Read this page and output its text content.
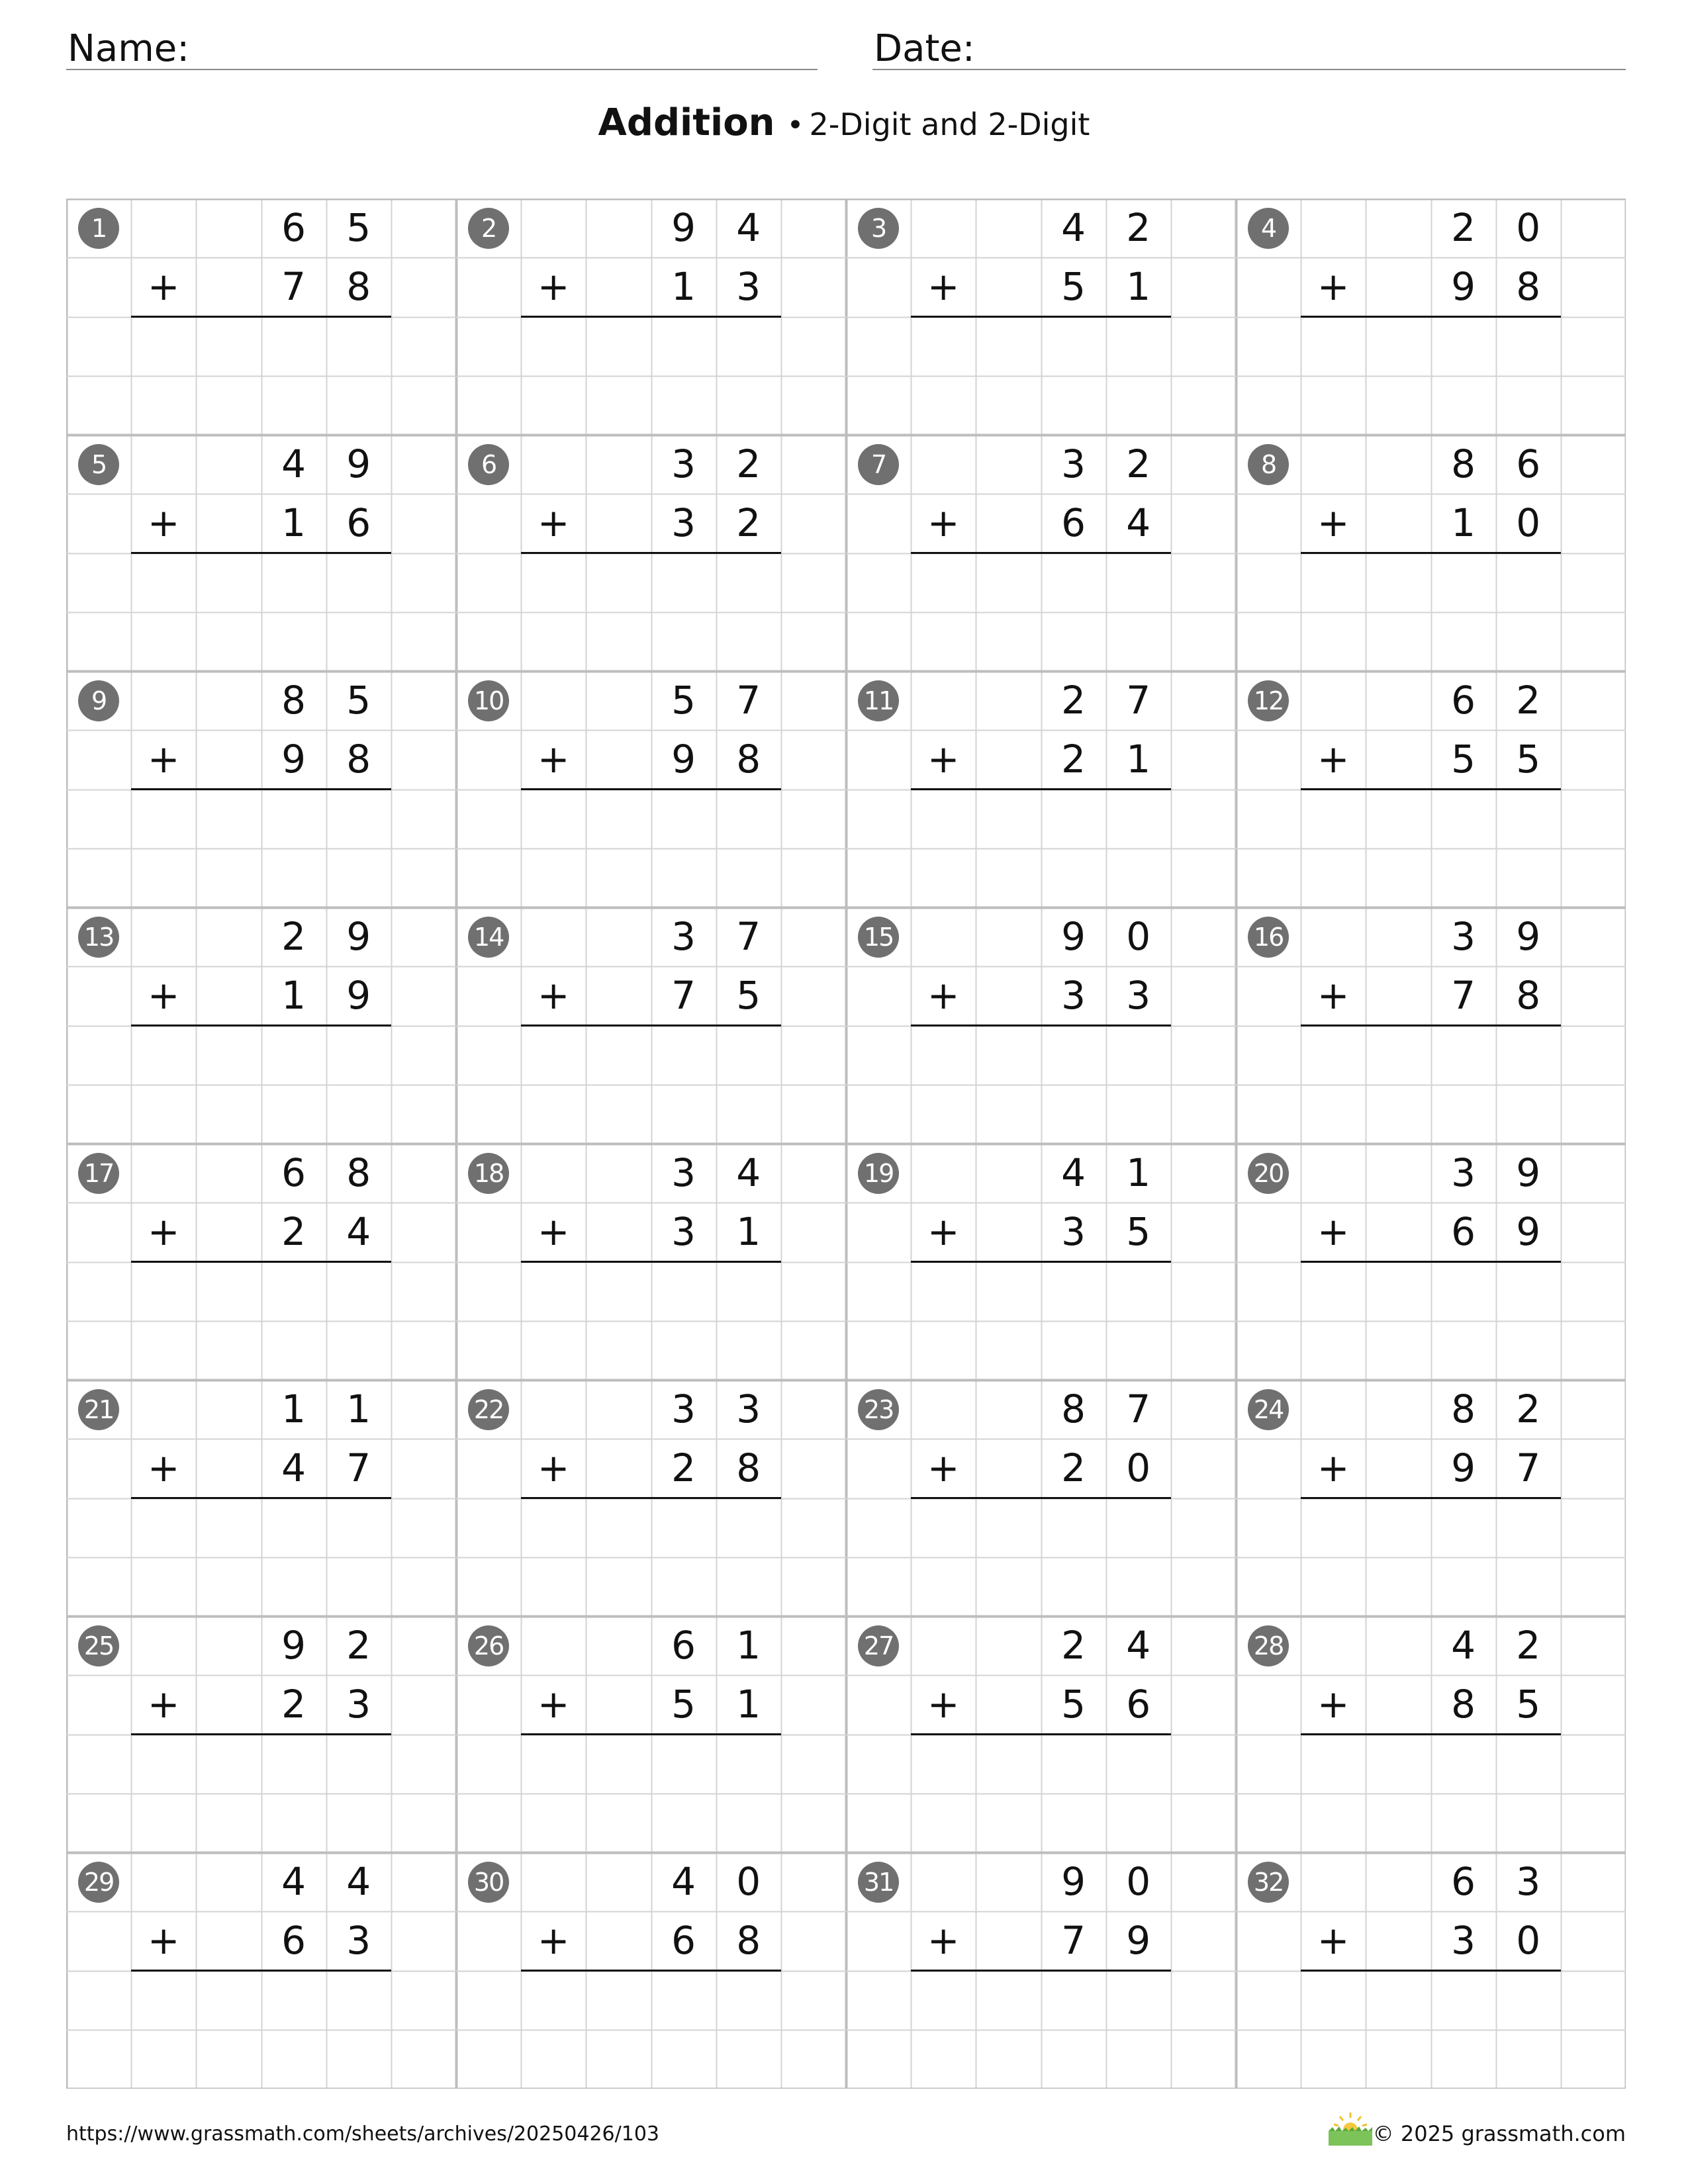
Name:	Date:
Addition • 2-Digit and 2-Digit
1	6	5
+	7	8
2	9	4
+	1	3
3	4	2
+	5	1
4	2	0
+	9	8
5	4	9
+	1	6
6	3	2
+	3	2
7	3	2
+	6	4
8	8	6
+	1	0
9	8	5
+	9	8
10	5	7
+	9	8
11	2	7
+	2	1
12	6	2
+	5	5
13	2	9
+	1	9
14	3	7
+	7	5
15	9	0
+	3	3
16	3	9
+	7	8
17	6	8
+	2	4
18	3	4
+	3	1
19	4	1
+	3	5
20	3	9
+	6	9
21	1	1
+	4	7
22	3	3
+	2	8
23	8	7
+	2	0
24	8	2
+	9	7
25	9	2
+	2	3
26	6	1
+	5	1
27	2	4
+	5	6
28	4	2
+	8	5
29	4	4
+	6	3
30	4	0
+	6	8
31	9	0
+	7	9
32	6	3
+	3	0
https://www.grassmath.com/sheets/archives/20250426/103	© 2025 grassmath.com
